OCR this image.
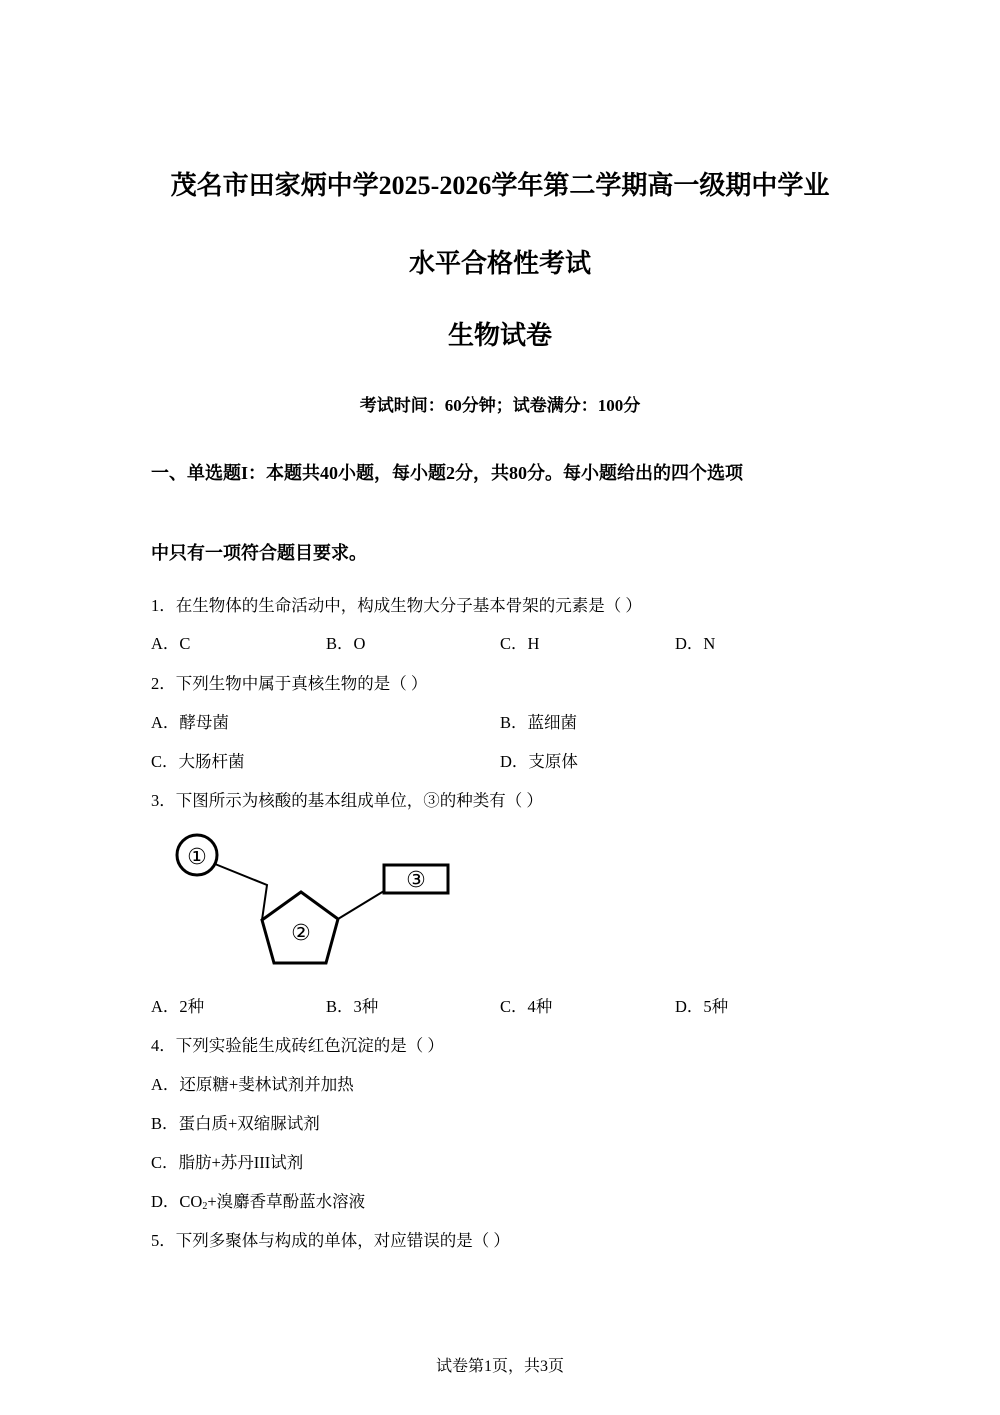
茂名市田家炳中学2025-2026学年第二学期高一级期中学业
水平合格性考试
生物试卷
考试时间：60分钟；试卷满分：100分
一、单选题I：本题共40小题，每小题2分，共80分。每小题给出的四个选项
中只有一项符合题目要求。
1．在生物体的生命活动中，构成生物大分子基本骨架的元素是（ ）
A．C	B．O	C．H	D．N
2．下列生物中属于真核生物的是（ ）
A．酵母菌	B．蓝细菌
C．大肠杆菌	D．支原体
3．下图所示为核酸的基本组成单位，③的种类有（ ）
①
②
③
A．2种	B．3种	C．4种	D．5种
4．下列实验能生成砖红色沉淀的是（ ）
A．还原糖+斐林试剂并加热
B．蛋白质+双缩脲试剂
C．脂肪+苏丹III试剂
D．$CO_2+$溴麝香草酚蓝水溶液
5．下列多聚体与构成的单体，对应错误的是（ ）
试卷第1页，共3页
